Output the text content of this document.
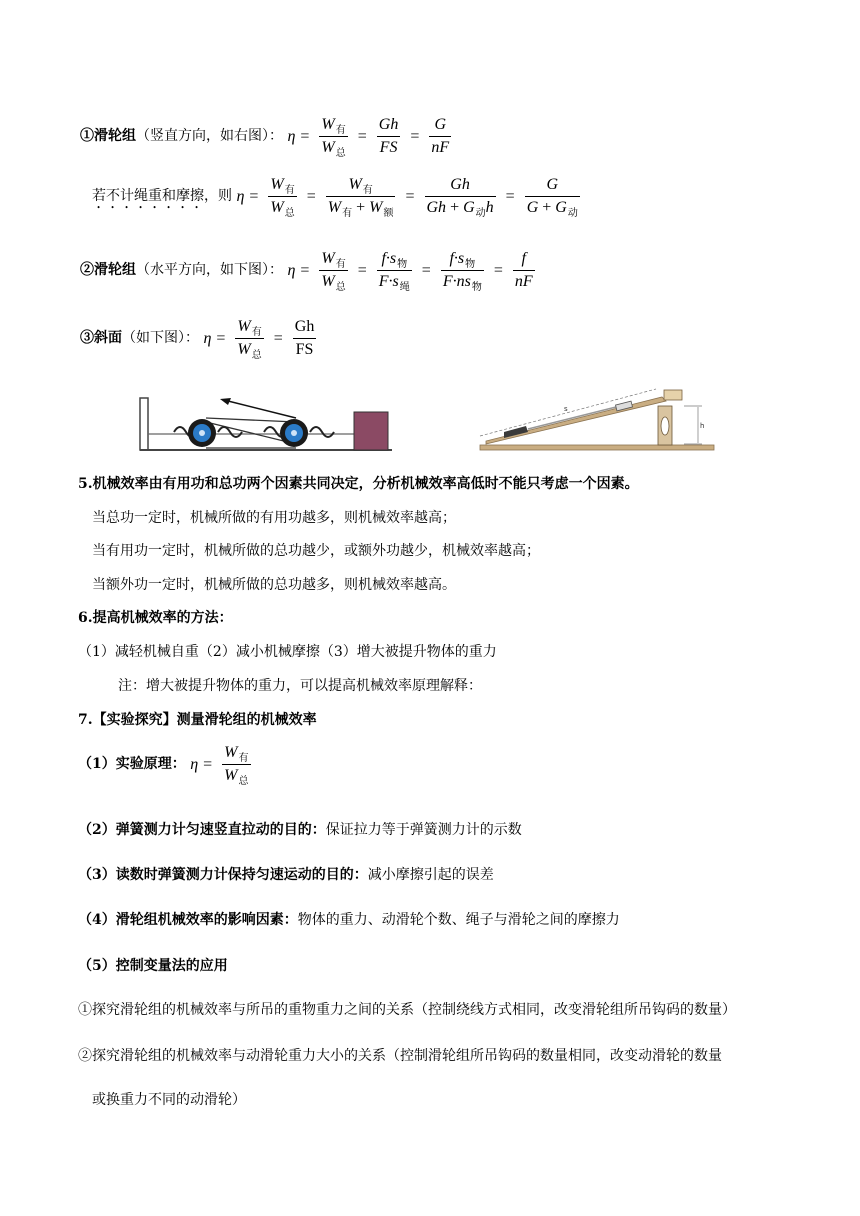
①滑轮组（竖直方向，如右图）： $\eta = \frac{W_有}{W_总} = \frac{Gh}{FS} = \frac{G}{nF}$
若不计绳重和摩擦，则 $\eta = \frac{W_有}{W_总} = \frac{W_有}{W_有 + W_额} = \frac{Gh}{Gh + G_动h} = \frac{G}{G + G_动}$
②滑轮组（水平方向，如下图）： $\eta = \frac{W_有}{W_总} = \frac{f\cdot s_物}{F\cdot s_绳} = \frac{f\cdot s_物}{F\cdot ns_物} = \frac{f}{nF}$
③斜面（如下图）： $\eta = \frac{W_有}{W_总} = \frac{Gh}{FS}$
s
h
5.机械效率由有用功和总功两个因素共同决定，分析机械效率高低时不能只考虑一个因素。
当总功一定时，机械所做的有用功越多，则机械效率越高；
当有用功一定时，机械所做的总功越少，或额外功越少，机械效率越高；
当额外功一定时，机械所做的总功越多，则机械效率越高。
6.提高机械效率的方法：
（1）减轻机械自重（2）减小机械摩擦（3）增大被提升物体的重力
注：增大被提升物体的重力，可以提高机械效率原理解释：
7.【实验探究】测量滑轮组的机械效率
（1）实验原理： $\eta = \frac{W_有}{W_总}$
（2）弹簧测力计匀速竖直拉动的目的：保证拉力等于弹簧测力计的示数
（3）读数时弹簧测力计保持匀速运动的目的：减小摩擦引起的误差
（4）滑轮组机械效率的影响因素：物体的重力、动滑轮个数、绳子与滑轮之间的摩擦力
（5）控制变量法的应用
①探究滑轮组的机械效率与所吊的重物重力之间的关系（控制绕线方式相同，改变滑轮组所吊钩码的数量）
②探究滑轮组的机械效率与动滑轮重力大小的关系（控制滑轮组所吊钩码的数量相同，改变动滑轮的数量
或换重力不同的动滑轮）
